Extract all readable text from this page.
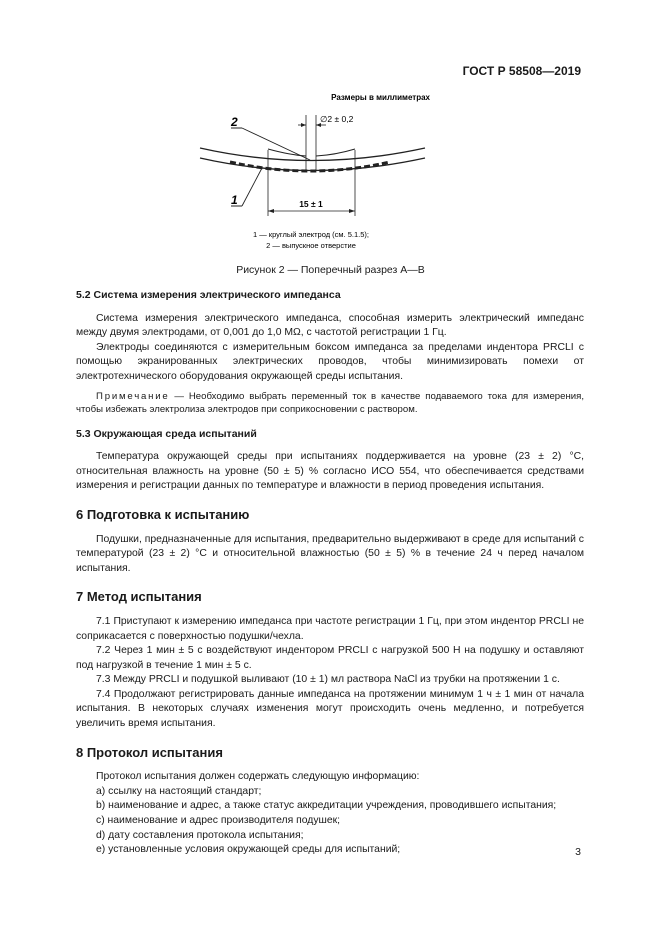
ГОСТ Р 58508—2019
Размеры в миллиметрах
2	∅2 ± 0,2
1	15 ± 1
1 — круглый электрод (см. 5.1.5);
2 — выпускное отверстие
Рисунок 2 — Поперечный разрез А—В

5.2 Система измерения электрического импеданса

Система измерения электрического импеданса, способная измерить электрический импеданс между двумя электродами, от 0,001 до 1,0 MΩ, с частотой регистрации 1 Гц.

Электроды соединяются с измерительным боксом импеданса за пределами индентора PRCLI с помощью экранированных электрических проводов, чтобы минимизировать помехи от электротехнического оборудования окружающей среды испытания.

Примечание — Необходимо выбрать переменный ток в качестве подаваемого тока для измерения, чтобы избежать электролиза электродов при соприкосновении с раствором.

5.3 Окружающая среда испытаний

Температура окружающей среды при испытаниях поддерживается на уровне (23 ± 2) °С, относительная влажность на уровне (50 ± 5) % согласно ИСО 554, что обеспечивается средствами измерения и регистрации данных по температуре и влажности в период проведения испытания.

6 Подготовка к испытанию

Подушки, предназначенные для испытания, предварительно выдерживают в среде для испытаний с температурой (23 ± 2) °С и относительной влажностью (50 ± 5) % в течение 24 ч перед началом испытания.

7 Метод испытания

7.1 Приступают к измерению импеданса при частоте регистрации 1 Гц, при этом индентор PRCLI не соприкасается с поверхностью подушки/чехла.

7.2 Через 1 мин ± 5 с воздействуют индентором PRCLI с нагрузкой 500 Н на подушку и оставляют под нагрузкой в течение 1 мин ± 5 с.

7.3 Между PRCLI и подушкой выливают (10 ± 1) мл раствора NaCl из трубки на протяжении 1 с.

7.4 Продолжают регистрировать данные импеданса на протяжении минимум 1 ч ± 1 мин от начала испытания. В некоторых случаях изменения могут происходить очень медленно, и потребуется увеличить время испытания.

8 Протокол испытания

Протокол испытания должен содержать следующую информацию:

а) ссылку на настоящий стандарт;

b) наименование и адрес, а также статус аккредитации учреждения, проводившего испытания;

c) наименование и адрес производителя подушек;

d) дату составления протокола испытания;

e) установленные условия окружающей среды для испытаний;	3
